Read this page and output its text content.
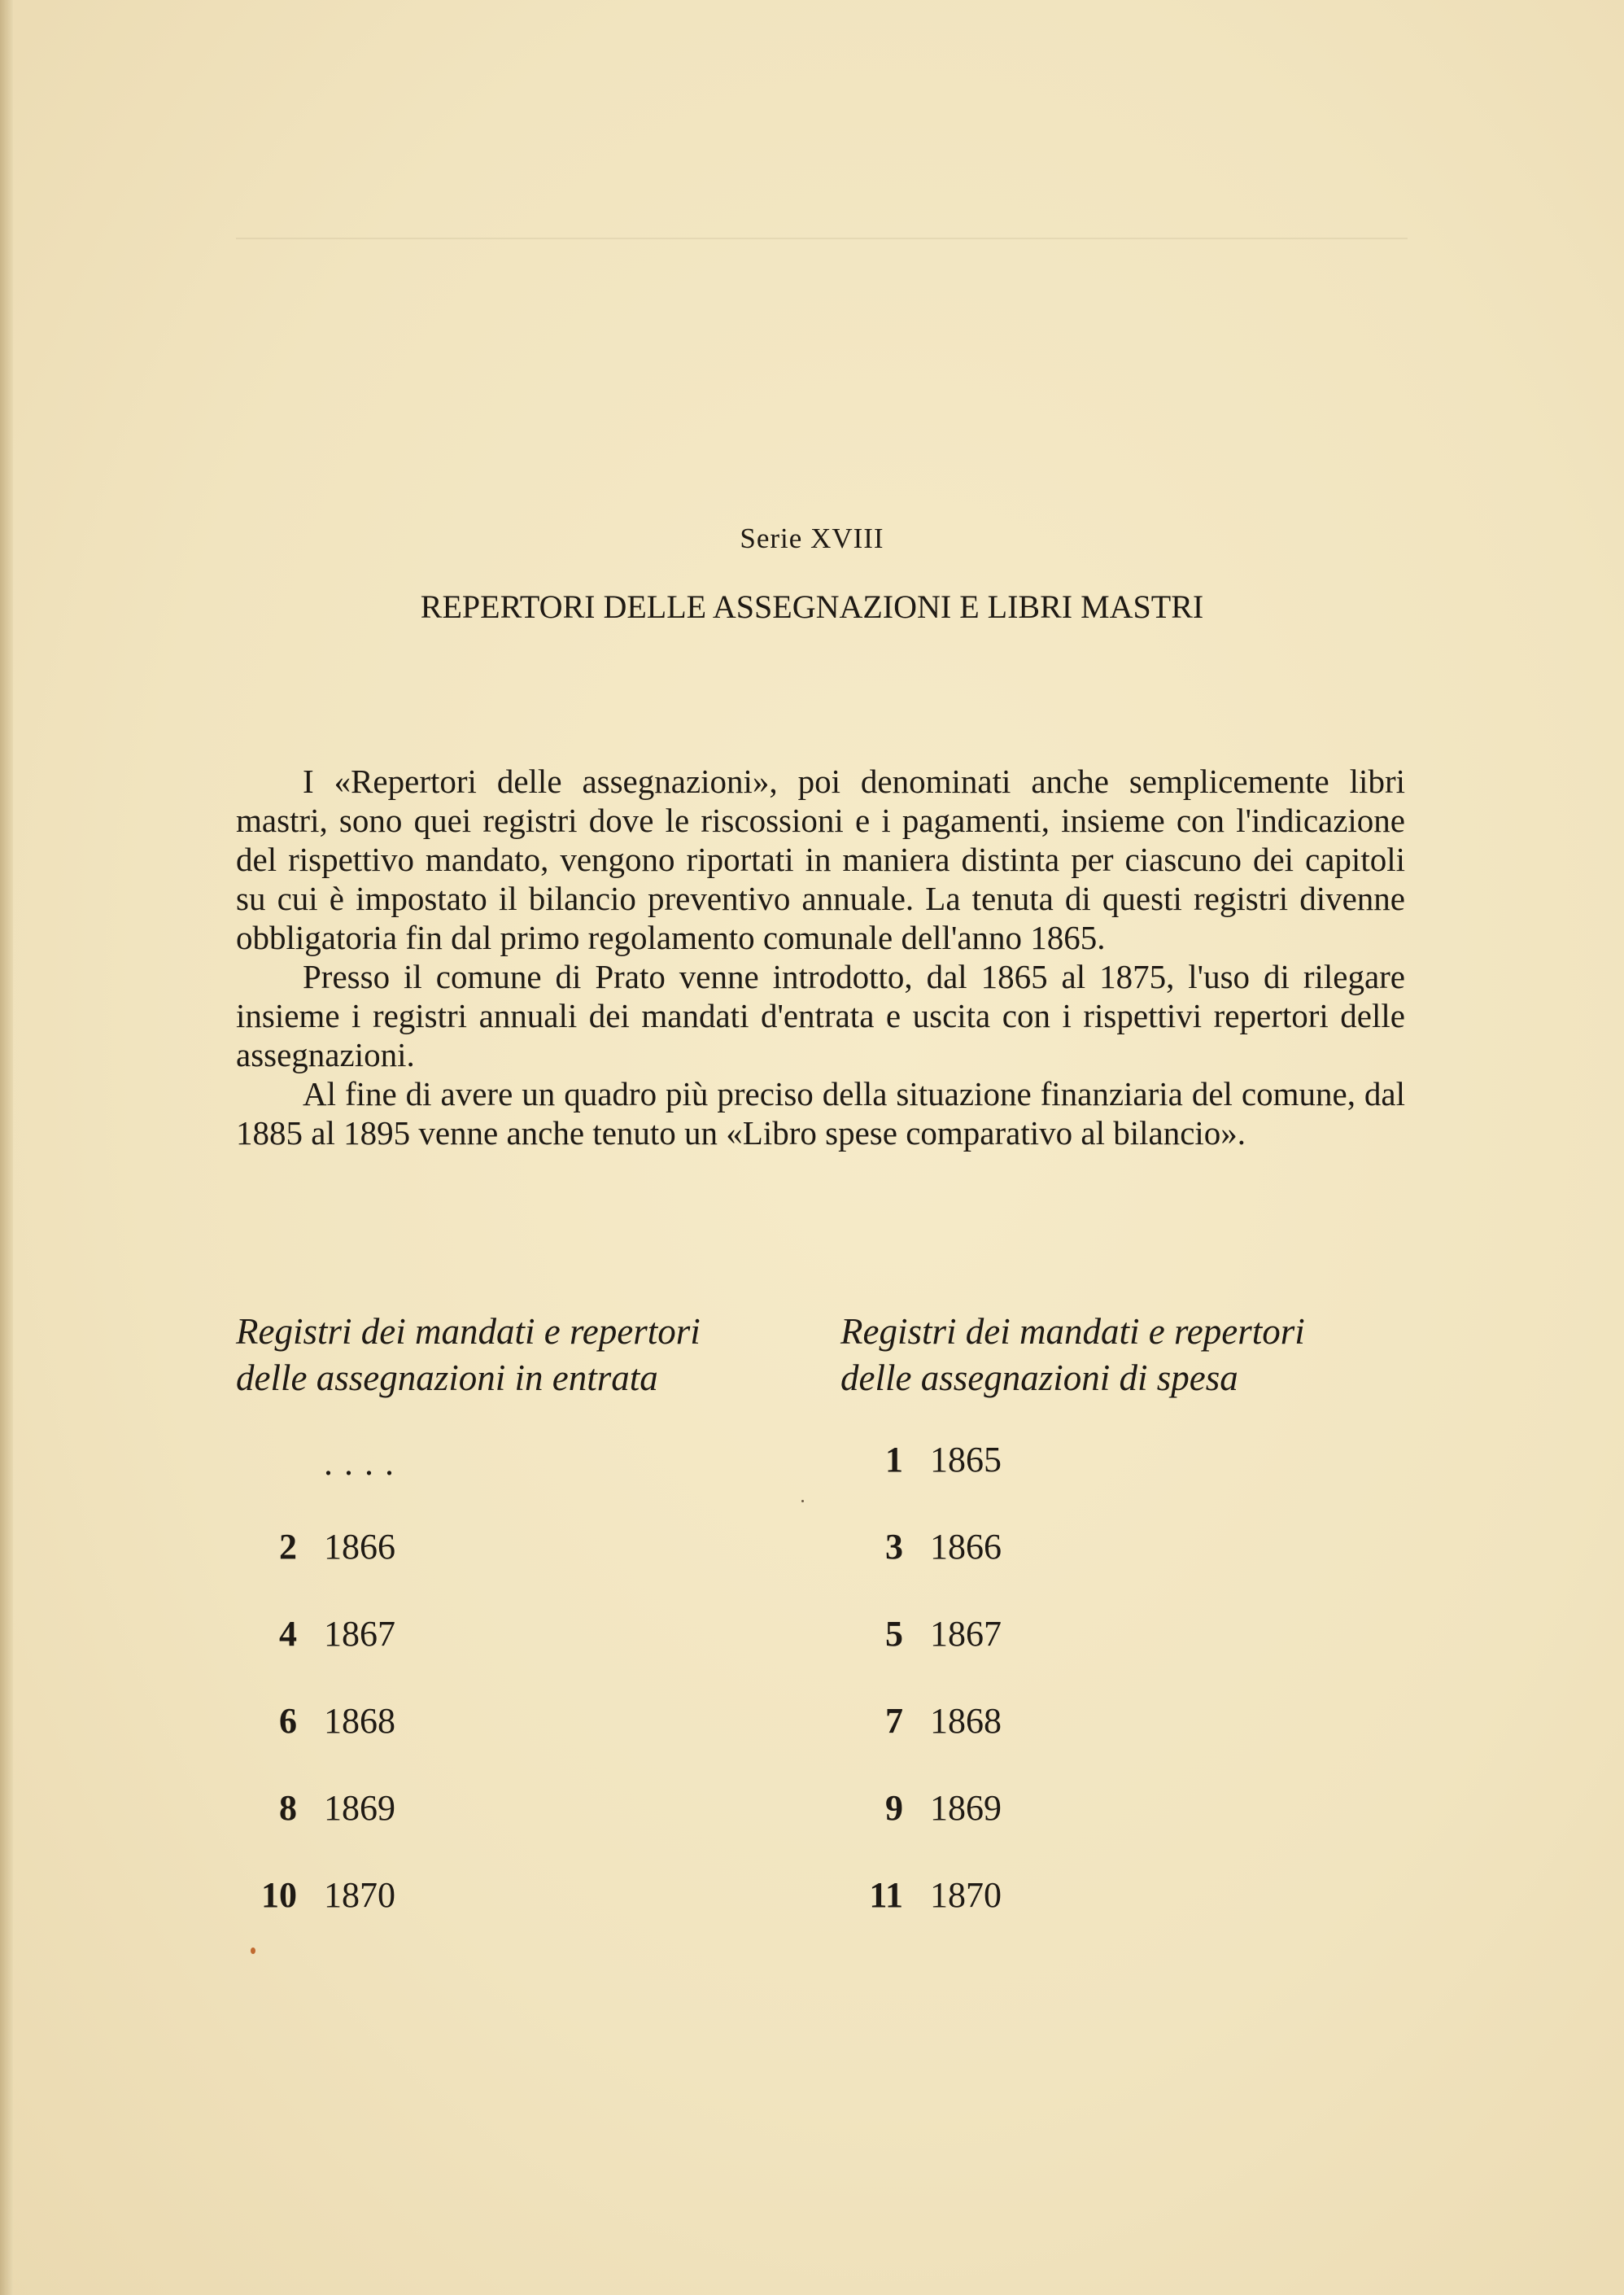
Serie XVIII
REPERTORI DELLE ASSEGNAZIONI E LIBRI MASTRI

I «Repertori delle assegnazioni», poi denominati anche semplicemente libri mastri, sono quei registri dove le riscossioni e i pagamenti, insieme con l'indicazione del rispettivo mandato, vengono riportati in maniera distinta per ciascuno dei capitoli su cui è impostato il bilancio preventivo annuale. La tenuta di questi registri divenne obbligatoria fin dal primo regolamento comunale dell'anno 1865.

Presso il comune di Prato venne introdotto, dal 1865 al 1875, l'uso di rilegare insieme i registri annuali dei mandati d'entrata e uscita con i rispettivi repertori delle assegnazioni.

Al fine di avere un quadro più preciso della situazione finanziaria del comune, dal 1885 al 1895 venne anche tenuto un «Libro spese comparativo al bilancio».

Registri dei mandati e repertori
delle assegnazioni in entrata
Registri dei mandati e repertori
delle assegnazioni di spesa
....
2 1866
4 1867
6 1868
8 1869
10 1870
1 1865
3 1866
5 1867
7 1868
9 1869
11 1870
